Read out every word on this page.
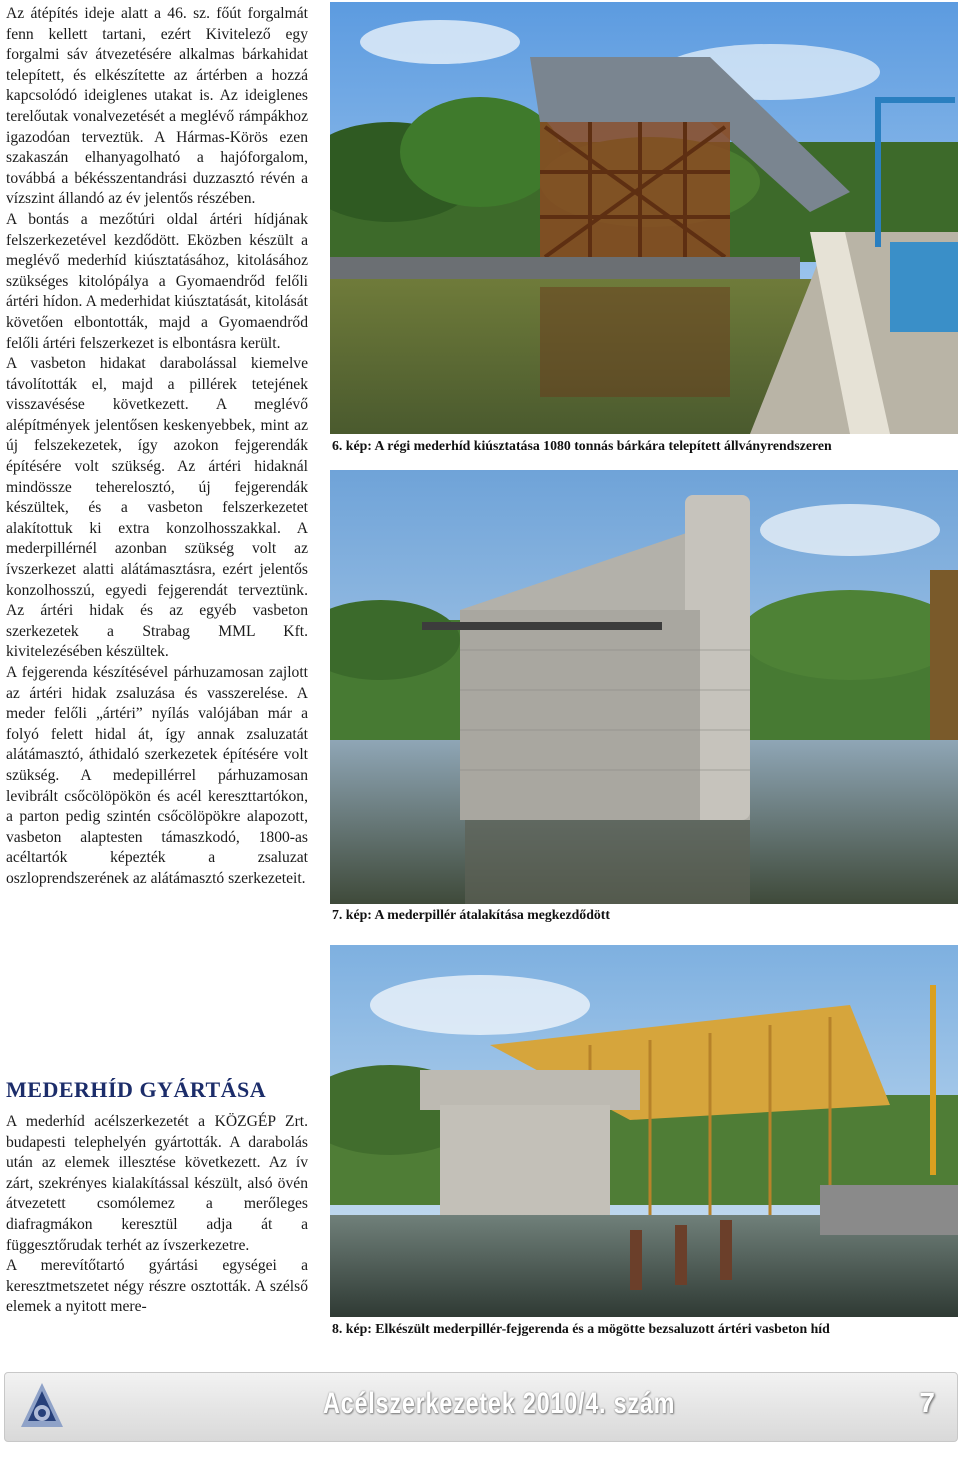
Az átépítés ideje alatt a 46. sz. főút forgalmát fenn kellett tartani, ezért Kivitelező egy forgalmi sáv átvezetésére alkalmas bárkahidat telepített, és elkészítette az ártérben a hozzá kapcsolódó ideiglenes utakat is. Az ideiglenes terelőutak vonalvezetését a meglévő rámpákhoz igazodóan terveztük. A Hármas-Körös ezen szakaszán elhanyagolható a hajóforgalom, továbbá a békésszentandrási duzzasztó révén a vízszint állandó az év jelentős részében.

A bontás a mezőtúri oldal ártéri hídjának felszerkezetével kezdődött. Eközben készült a meglévő mederhíd kiúsztatásához, kitolásához szükséges kitolópálya a Gyomaendrőd felőli ártéri hídon. A mederhidat kiúsztatását, kitolását követően elbontották, majd a Gyomaendrőd felőli ártéri felszerkezet is elbontásra került.

A vasbeton hidakat darabolással kiemelve távolították el, majd a pillérek tetejének visszavésése következett. A meglévő alépítmények jelentősen keskenyebbek, mint az új felszekezetek, így azokon fejgerendák építésére volt szükség. Az ártéri hidaknál mindössze teherelosztó, új fejgerendák készültek, és a vasbeton felszerkezetet alakítottuk ki extra konzolhosszakkal. A mederpillérnél azonban szükség volt az ívszerkezet alatti alátámasztásra, ezért jelentős konzolhosszú, egyedi fejgerendát terveztünk. Az ártéri hidak és az egyéb vasbeton szerkezetek a Strabag MML Kft. kivitelezésében készültek.

A fejgerenda készítésével párhuzamosan zajlott az ártéri hidak zsaluzása és vasszerelése. A meder felőli „ártéri” nyílás valójában már a folyó felett hidal át, így annak zsaluzatát alátámasztó, áthidaló szerkezetek építésére volt szükség. A medepillérrel párhuzamosan levibrált csőcölöpökön és acél kereszttartókon, a parton pedig szintén csőcölöpökre alapozott, vasbeton alaptesten támaszkodó, 1800-as acéltartók képezték a zsaluzat oszloprendszerének az alátámasztó szerkezeteit.

MEDERHÍD GYÁRTÁSA

A mederhíd acélszerkezetét a KÖZGÉP Zrt. budapesti telephelyén gyártották. A darabolás után az elemek illesztése következett. Az ív zárt, szekrényes kialakítással készült, alsó övén átvezetett csomólemez a merőleges diafragmákon keresztül adja át a függesztőrudak terhét az ívszerkezetre.

A merevítőtartó gyártási egységei a keresztmetszetet négy részre osztották. A szélső elemek a nyitott mere-

6. kép: A régi mederhíd kiúsztatása 1080 tonnás bárkára telepített állványrendszeren
7. kép: A mederpillér átalakítása megkezdődött
8. kép: Elkészült mederpillér-fejgerenda és a mögötte bezsaluzott ártéri vasbeton híd
Acélszerkezetek 2010/4. szám	7
